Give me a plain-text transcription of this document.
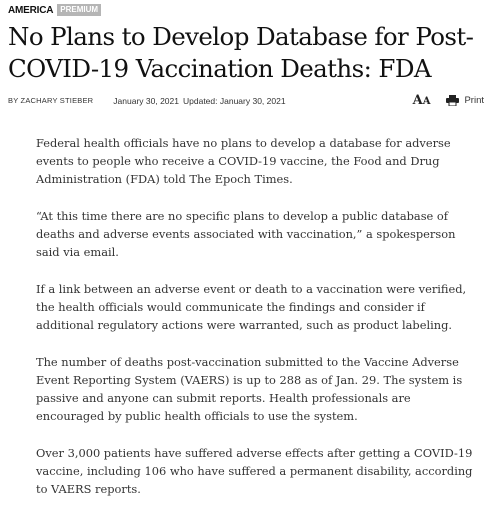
AMERICA PREMIUM
No Plans to Develop Database for Post-COVID-19 Vaccination Deaths: FDA
BY ZACHARY STIEBER January 30, 2021 Updated: January 30, 2021	A A	Print

Federal health officials have no plans to develop a database for adverse events to people who receive a COVID-19 vaccine, the Food and Drug Administration (FDA) told The Epoch Times.

“At this time there are no specific plans to develop a public database of deaths and adverse events associated with vaccination,” a spokesperson said via email.

If a link between an adverse event or death to a vaccination were verified, the health officials would communicate the findings and consider if additional regulatory actions were warranted, such as product labeling.

The number of deaths post-vaccination submitted to the Vaccine Adverse Event Reporting System (VAERS) is up to 288 as of Jan. 29. The system is passive and anyone can submit reports. Health professionals are encouraged by public health officials to use the system.

Over 3,000 patients have suffered adverse effects after getting a COVID-19 vaccine, including 106 who have suffered a permanent disability, according to VAERS reports.
